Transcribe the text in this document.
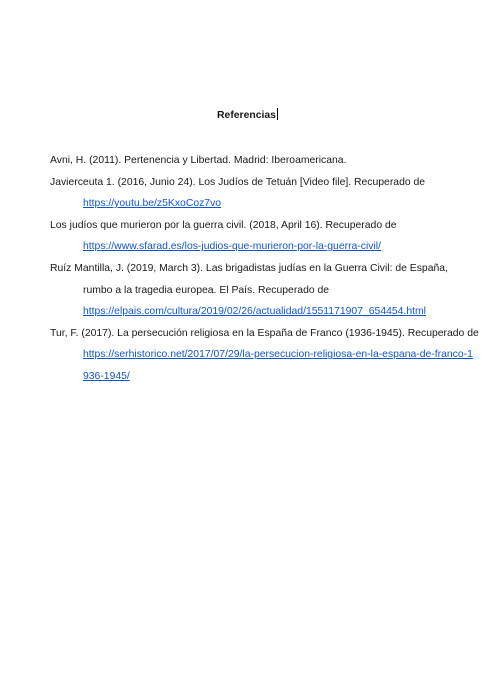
Referencias
Avni, H. (2011). Pertenencia y Libertad. Madrid: Iberoamericana.
Javierceuta 1. (2016, Junio 24). Los Judíos de Tetuán [Video file]. Recuperado de
https://youtu.be/z5KxoCoz7vo
Los judíos que murieron por la guerra civil. (2018, April 16). Recuperado de
https://www.sfarad.es/los-judios-que-murieron-por-la-guerra-civil/
Ruíz Mantilla, J. (2019, March 3). Las brigadistas judías en la Guerra Civil: de España,
rumbo a la tragedia europea. El País. Recuperado de
https://elpais.com/cultura/2019/02/26/actualidad/1551171907_654454.html
Tur, F. (2017). La persecución religiosa en la España de Franco (1936-1945). Recuperado de
https://serhistorico.net/2017/07/29/la-persecucion-religiosa-en-la-espana-de-franco-1
936-1945/
